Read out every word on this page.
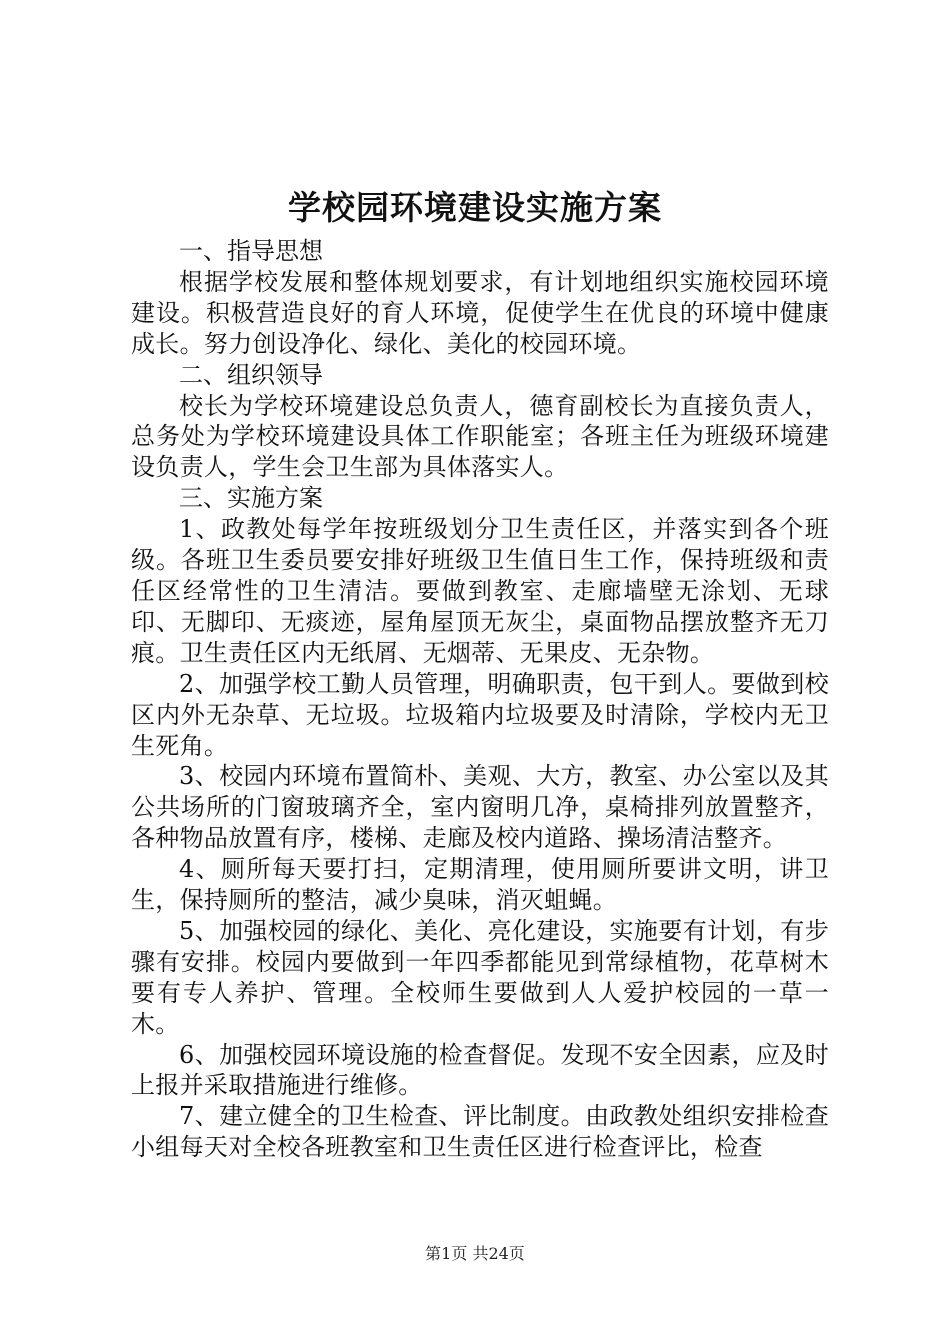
学校园环境建设实施方案

一、指导思想

根据学校发展和整体规划要求，有计划地组织实施校园环境建设。积极营造良好的育人环境，促使学生在优良的环境中健康成长。努力创设净化、绿化、美化的校园环境。

二、组织领导

校长为学校环境建设总负责人，德育副校长为直接负责人，总务处为学校环境建设具体工作职能室；各班主任为班级环境建设负责人，学生会卫生部为具体落实人。

三、实施方案

1、政教处每学年按班级划分卫生责任区，并落实到各个班级。各班卫生委员要安排好班级卫生值日生工作，保持班级和责任区经常性的卫生清洁。要做到教室、走廊墙壁无涂划、无球印、无脚印、无痰迹，屋角屋顶无灰尘，桌面物品摆放整齐无刀痕。卫生责任区内无纸屑、无烟蒂、无果皮、无杂物。

2、加强学校工勤人员管理，明确职责，包干到人。要做到校区内外无杂草、无垃圾。垃圾箱内垃圾要及时清除，学校内无卫生死角。

3、校园内环境布置简朴、美观、大方，教室、办公室以及其公共场所的门窗玻璃齐全，室内窗明几净，桌椅排列放置整齐，各种物品放置有序，楼梯、走廊及校内道路、操场清洁整齐。

4、厕所每天要打扫，定期清理，使用厕所要讲文明，讲卫生，保持厕所的整洁，减少臭味，消灭蛆蝇。

5、加强校园的绿化、美化、亮化建设，实施要有计划，有步骤有安排。校园内要做到一年四季都能见到常绿植物，花草树木要有专人养护、管理。全校师生要做到人人爱护校园的一草一木。

6、加强校园环境设施的检查督促。发现不安全因素，应及时上报并采取措施进行维修。

7、建立健全的卫生检查、评比制度。由政教处组织安排检查小组每天对全校各班教室和卫生责任区进行检查评比，检查

第1页 共24页
